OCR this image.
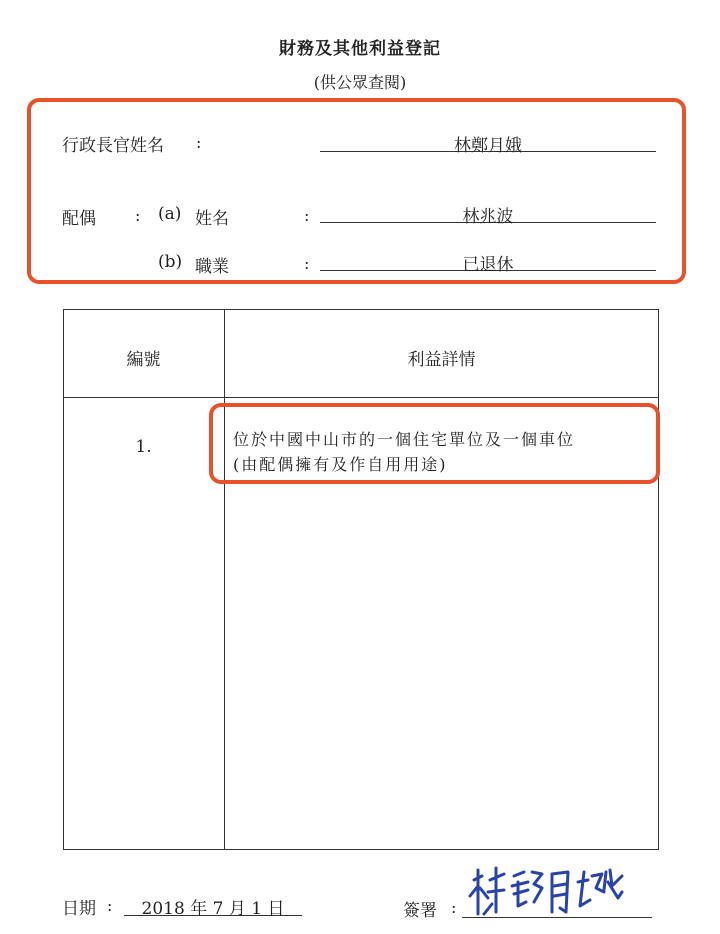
財務及其他利益登記
(供公眾查閱)
行政長官姓名 :	林鄭月娥
配偶 : (a) 姓名	:	林兆波
(b) 職業	:	已退休
編號	利益詳情
1.	位於中國中山市的一個住宅單位及一個車位
(由配偶擁有及作自用用途)
日期 :	2018 年 7 月 1 日	簽署 :
